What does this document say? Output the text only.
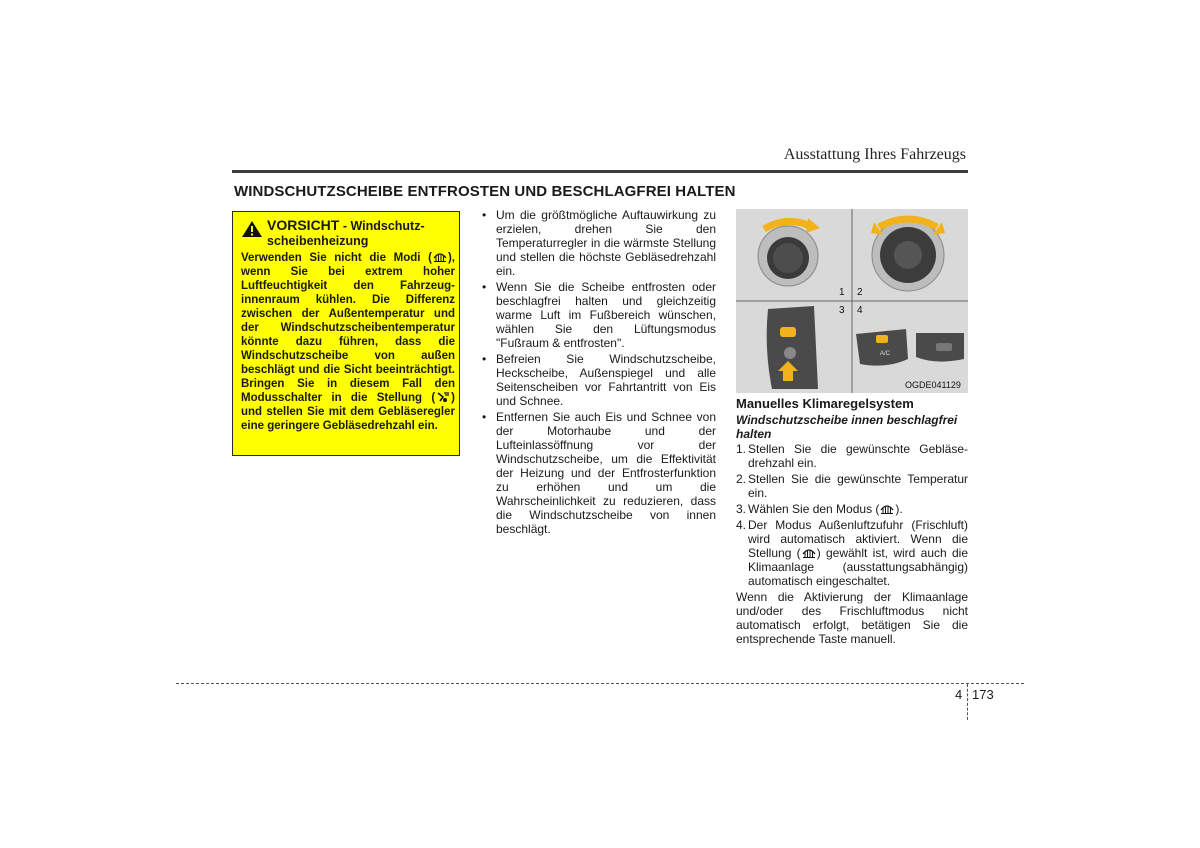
Ausstattung Ihres Fahrzeugs
WINDSCHUTZSCHEIBE ENTFROSTEN UND BESCHLAGFREI HALTEN
VORSICHT - Windschutz-
scheibenheizung
Verwenden Sie nicht die Modi ( ), wenn Sie bei extrem hoher Luftfeuchtigkeit den Fahrzeug-innenraum kühlen. Die Differenz zwischen der Außentemperatur und der Windschutzscheibentemperatur könnte dazu führen, dass die Windschutzscheibe von außen beschlägt und die Sicht beeinträchtigt. Bringen Sie in diesem Fall den Modusschalter in die Stellung ( ) und stellen Sie mit dem Gebläseregler eine geringere Gebläsedrehzahl ein.
• Um die größtmögliche Auftauwirkung zu erzielen, drehen Sie den Temperaturregler in die wärmste Stellung und stellen die höchste Gebläsedrehzahl ein.
• Wenn Sie die Scheibe entfrosten oder beschlagfrei halten und gleichzeitig warme Luft im Fußbereich wünschen, wählen Sie den Lüftungsmodus "Fußraum & entfrosten".
• Befreien Sie Windschutzscheibe, Heckscheibe, Außenspiegel und alle Seitenscheiben vor Fahrtantritt von Eis und Schnee.
• Entfernen Sie auch Eis und Schnee von der Motorhaube und der Lufteinlassöffnung vor der Windschutzscheibe, um die Effektivität der Heizung und der Entfrosterfunktion zu erhöhen und um die Wahrscheinlichkeit zu reduzieren, dass die Windschutzscheibe von innen beschlägt.
A/C
1 2
3 4
OGDE041129
Manuelles Klimaregelsystem
Windschutzscheibe innen beschlagfrei halten
1. Stellen Sie die gewünschte Gebläse-drehzahl ein.
2. Stellen Sie die gewünschte Temperatur ein.
3. Wählen Sie den Modus ( ).
4. Der Modus Außenluftzufuhr (Frischluft) wird automatisch aktiviert. Wenn die Stellung ( ) gewählt ist, wird auch die Klimaanlage (ausstattungsabhängig) automatisch eingeschaltet.
Wenn die Aktivierung der Klimaanlage und/oder des Frischluftmodus nicht automatisch erfolgt, betätigen Sie die entsprechende Taste manuell.
4 173
